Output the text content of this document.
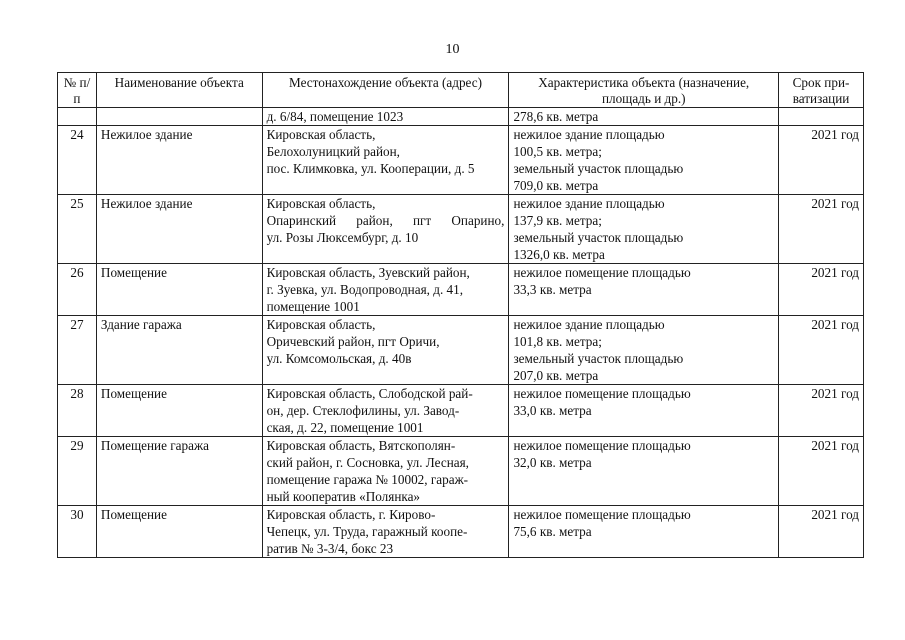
10
№ п/п	Наименование объекта	Местонахождение объекта (адрес)	Характеристика объекта (назначение, площадь и др.)	Срок при- ватизации
		д. 6/84, помещение 1023	278,6 кв. метра	
24	Нежилое здание	Кировская область,
Белохолуницкий район,
пос. Климковка, ул. Кооперации, д. 5	нежилое здание площадью
100,5 кв. метра;
земельный участок площадью
709,0 кв. метра	2021 год
25	Нежилое здание	Кировская область,
Опаринский район, пгт Опарино,
ул. Розы Люксембург, д. 10	нежилое здание площадью
137,9 кв. метра;
земельный участок площадью
1326,0 кв. метра	2021 год
26	Помещение	Кировская область, Зуевский район,
г. Зуевка, ул. Водопроводная, д. 41,
помещение 1001	нежилое помещение площадью
33,3 кв. метра	2021 год
27	Здание гаража	Кировская область,
Оричевский район, пгт Оричи,
ул. Комсомольская, д. 40в	нежилое здание площадью
101,8 кв. метра;
земельный участок площадью
207,0 кв. метра	2021 год
28	Помещение	Кировская область, Слободской рай-
он, дер. Стеклофилины, ул. Завод-
ская, д. 22, помещение 1001	нежилое помещение площадью
33,0 кв. метра	2021 год
29	Помещение гаража	Кировская область, Вятскополян-
ский район, г. Сосновка, ул. Лесная,
помещение гаража № 10002, гараж-
ный кооператив «Полянка»	нежилое помещение площадью
32,0 кв. метра	2021 год
30	Помещение	Кировская область, г. Кирово-
Чепецк, ул. Труда, гаражный коопе-
ратив № 3-3/4, бокс 23	нежилое помещение площадью
75,6 кв. метра	2021 год
